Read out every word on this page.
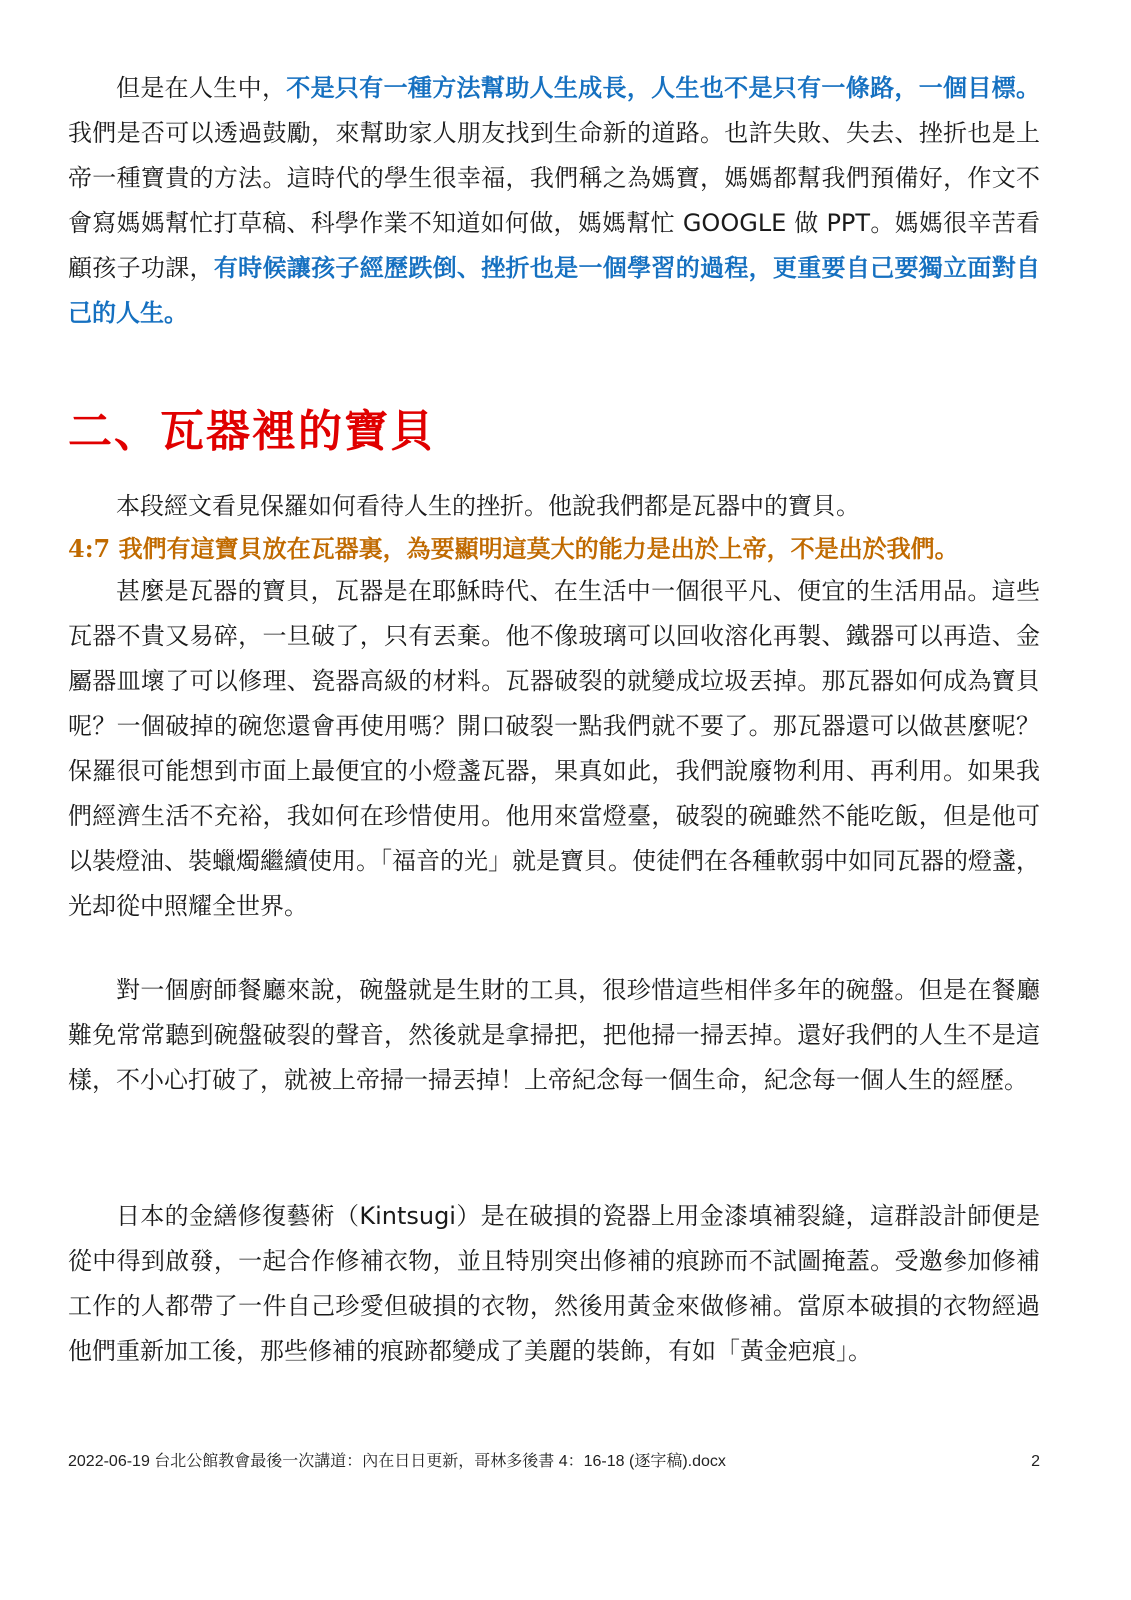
但是在人生中，不是只有一種方法幫助人生成長，人生也不是只有一條路，一個目標。我們是否可以透過鼓勵，來幫助家人朋友找到生命新的道路。也許失敗、失去、挫折也是上帝一種寶貴的方法。這時代的學生很幸福，我們稱之為媽寶，媽媽都幫我們預備好，作文不會寫媽媽幫忙打草稿、科學作業不知道如何做，媽媽幫忙 GOOGLE 做 PPT。媽媽很辛苦看顧孩子功課，有時候讓孩子經歷跌倒、挫折也是一個學習的過程，更重要自己要獨立面對自己的人生。

二、瓦器裡的寶貝

本段經文看見保羅如何看待人生的挫折。他說我們都是瓦器中的寶貝。

4:7 我們有這寶貝放在瓦器裏，為要顯明這莫大的能力是出於上帝，不是出於我們。

甚麼是瓦器的寶貝，瓦器是在耶穌時代、在生活中一個很平凡、便宜的生活用品。這些瓦器不貴又易碎，一旦破了，只有丟棄。他不像玻璃可以回收溶化再製、鐵器可以再造、金屬器皿壞了可以修理、瓷器高級的材料。瓦器破裂的就變成垃圾丟掉。那瓦器如何成為寶貝呢？一個破掉的碗您還會再使用嗎？開口破裂一點我們就不要了。那瓦器還可以做甚麼呢？保羅很可能想到市面上最便宜的小燈盞瓦器，果真如此，我們說廢物利用、再利用。如果我們經濟生活不充裕，我如何在珍惜使用。他用來當燈臺，破裂的碗雖然不能吃飯，但是他可以裝燈油、裝蠟燭繼續使用。「福音的光」就是寶貝。使徒們在各種軟弱中如同瓦器的燈盞，光却從中照耀全世界。

對一個廚師餐廳來說，碗盤就是生財的工具，很珍惜這些相伴多年的碗盤。但是在餐廳難免常常聽到碗盤破裂的聲音，然後就是拿掃把，把他掃一掃丟掉。還好我們的人生不是這樣，不小心打破了，就被上帝掃一掃丟掉！上帝紀念每一個生命，紀念每一個人生的經歷。

日本的金繕修復藝術（Kintsugi）是在破損的瓷器上用金漆填補裂縫，這群設計師便是從中得到啟發，一起合作修補衣物，並且特別突出修補的痕跡而不試圖掩蓋。受邀參加修補工作的人都帶了一件自己珍愛但破損的衣物，然後用黃金來做修補。當原本破損的衣物經過他們重新加工後，那些修補的痕跡都變成了美麗的裝飾，有如「黃金疤痕」。

2022-06-19 台北公館教會最後一次講道：內在日日更新，哥林多後書 4：16-18 (逐字稿).docx	2
